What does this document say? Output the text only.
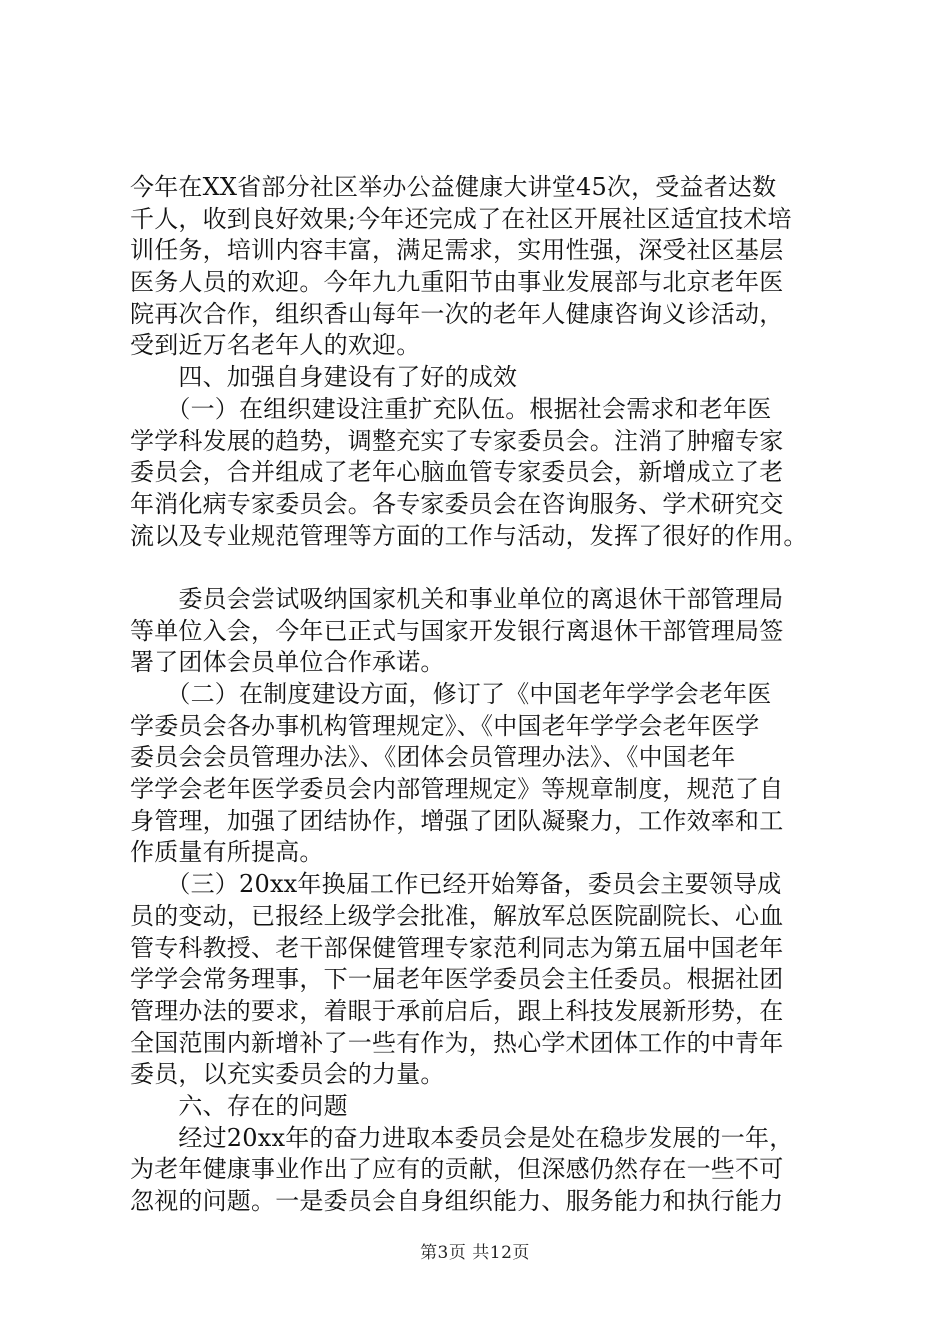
今年在XX省部分社区举办公益健康大讲堂45次，受益者达数
千人，收到良好效果;今年还完成了在社区开展社区适宜技术培
训任务，培训内容丰富，满足需求，实用性强，深受社区基层
医务人员的欢迎。今年九九重阳节由事业发展部与北京老年医
院再次合作，组织香山每年一次的老年人健康咨询义诊活动，
受到近万名老年人的欢迎。
　　四、加强自身建设有了好的成效
　　（一）在组织建设注重扩充队伍。根据社会需求和老年医
学学科发展的趋势，调整充实了专家委员会。注消了肿瘤专家
委员会，合并组成了老年心脑血管专家委员会，新增成立了老
年消化病专家委员会。各专家委员会在咨询服务、学术研究交
流以及专业规范管理等方面的工作与活动，发挥了很好的作用。
　　委员会尝试吸纳国家机关和事业单位的离退休干部管理局
等单位入会，今年已正式与国家开发银行离退休干部管理局签
署了团体会员单位合作承诺。
　　（二）在制度建设方面，修订了《中国老年学学会老年医
学委员会各办事机构管理规定》、《中国老年学学会老年医学
委员会会员管理办法》、《团体会员管理办法》、《中国老年
学学会老年医学委员会内部管理规定》等规章制度，规范了自
身管理，加强了团结协作，增强了团队凝聚力，工作效率和工
作质量有所提高。
　　（三）20xx年换届工作已经开始筹备，委员会主要领导成
员的变动，已报经上级学会批准，解放军总医院副院长、心血
管专科教授、老干部保健管理专家范利同志为第五届中国老年
学学会常务理事，下一届老年医学委员会主任委员。根据社团
管理办法的要求，着眼于承前启后，跟上科技发展新形势，在
全国范围内新增补了一些有作为，热心学术团体工作的中青年
委员，以充实委员会的力量。
　　六、存在的问题
　　经过20xx年的奋力进取本委员会是处在稳步发展的一年，
为老年健康事业作出了应有的贡献，但深感仍然存在一些不可
忽视的问题。一是委员会自身组织能力、服务能力和执行能力
第3页 共12页
